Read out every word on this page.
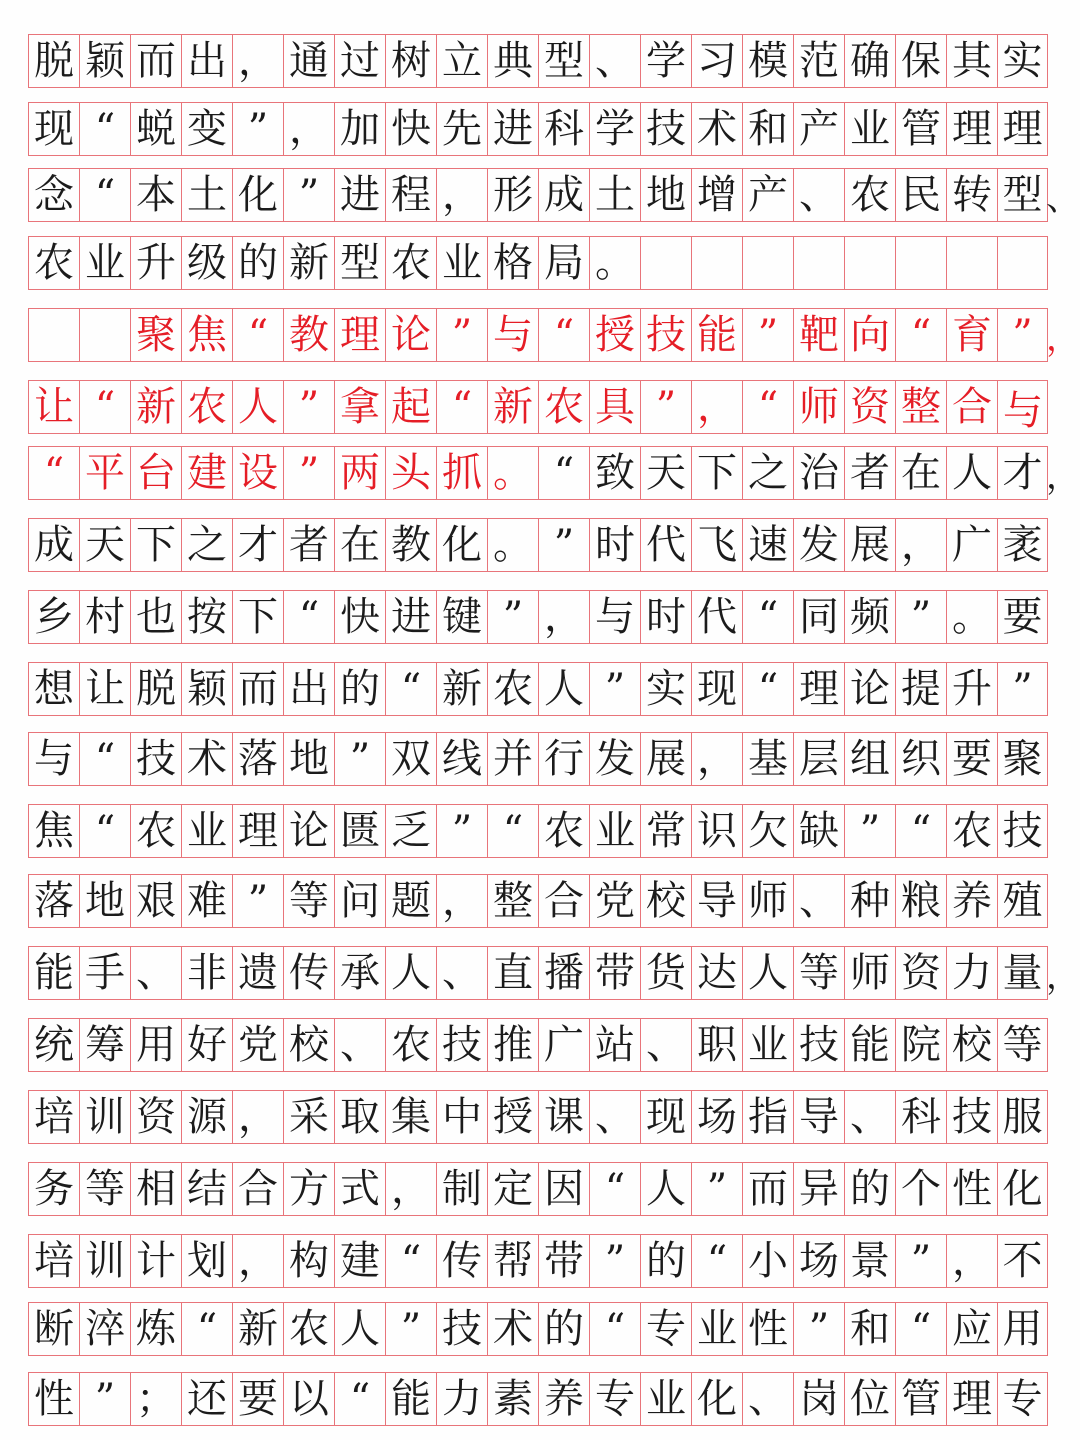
脱 颖 而 出 ， 通 过 树 立 典 型 、 学 习 模 范 确 保 其 实
现 “ 蜕 变 ” ， 加 快 先 进 科 学 技 术 和 产 业 管 理 理
念 “ 本 土 化 ” 进 程 ， 形 成 土 地 增 产 、 农 民 转 型 、
农 业 升 级 的 新 型 农 业 格 局 。
聚 焦 “ 教 理 论 ” 与 “ 授 技 能 ” 靶 向 “ 育 ” ，
让 “ 新 农 人 ” 拿 起 “ 新 农 具 ” ， “ 师 资 整 合 与
“ 平 台 建 设 ” 两 头 抓 。 “ 致 天 下 之 治 者 在 人 才 ，
成 天 下 之 才 者 在 教 化 。 ” 时 代 飞 速 发 展 ， 广 袤
乡 村 也 按 下 “ 快 进 键 ” ， 与 时 代 “ 同 频 ” 。 要
想 让 脱 颖 而 出 的 “ 新 农 人 ” 实 现 “ 理 论 提 升 ”
与 “ 技 术 落 地 ” 双 线 并 行 发 展 ， 基 层 组 织 要 聚
焦 “ 农 业 理 论 匮 乏 ” “ 农 业 常 识 欠 缺 ” “ 农 技
落 地 艰 难 ” 等 问 题 ， 整 合 党 校 导 师 、 种 粮 养 殖
能 手 、 非 遗 传 承 人 、 直 播 带 货 达 人 等 师 资 力 量 ，
统 筹 用 好 党 校 、 农 技 推 广 站 、 职 业 技 能 院 校 等
培 训 资 源 ， 采 取 集 中 授 课 、 现 场 指 导 、 科 技 服
务 等 相 结 合 方 式 ， 制 定 因 “ 人 ” 而 异 的 个 性 化
培 训 计 划 ， 构 建 “ 传 帮 带 ” 的 “ 小 场 景 ” ， 不
断 淬 炼 “ 新 农 人 ” 技 术 的 “ 专 业 性 ” 和 “ 应 用
性 ” ； 还 要 以 “ 能 力 素 养 专 业 化 、 岗 位 管 理 专
